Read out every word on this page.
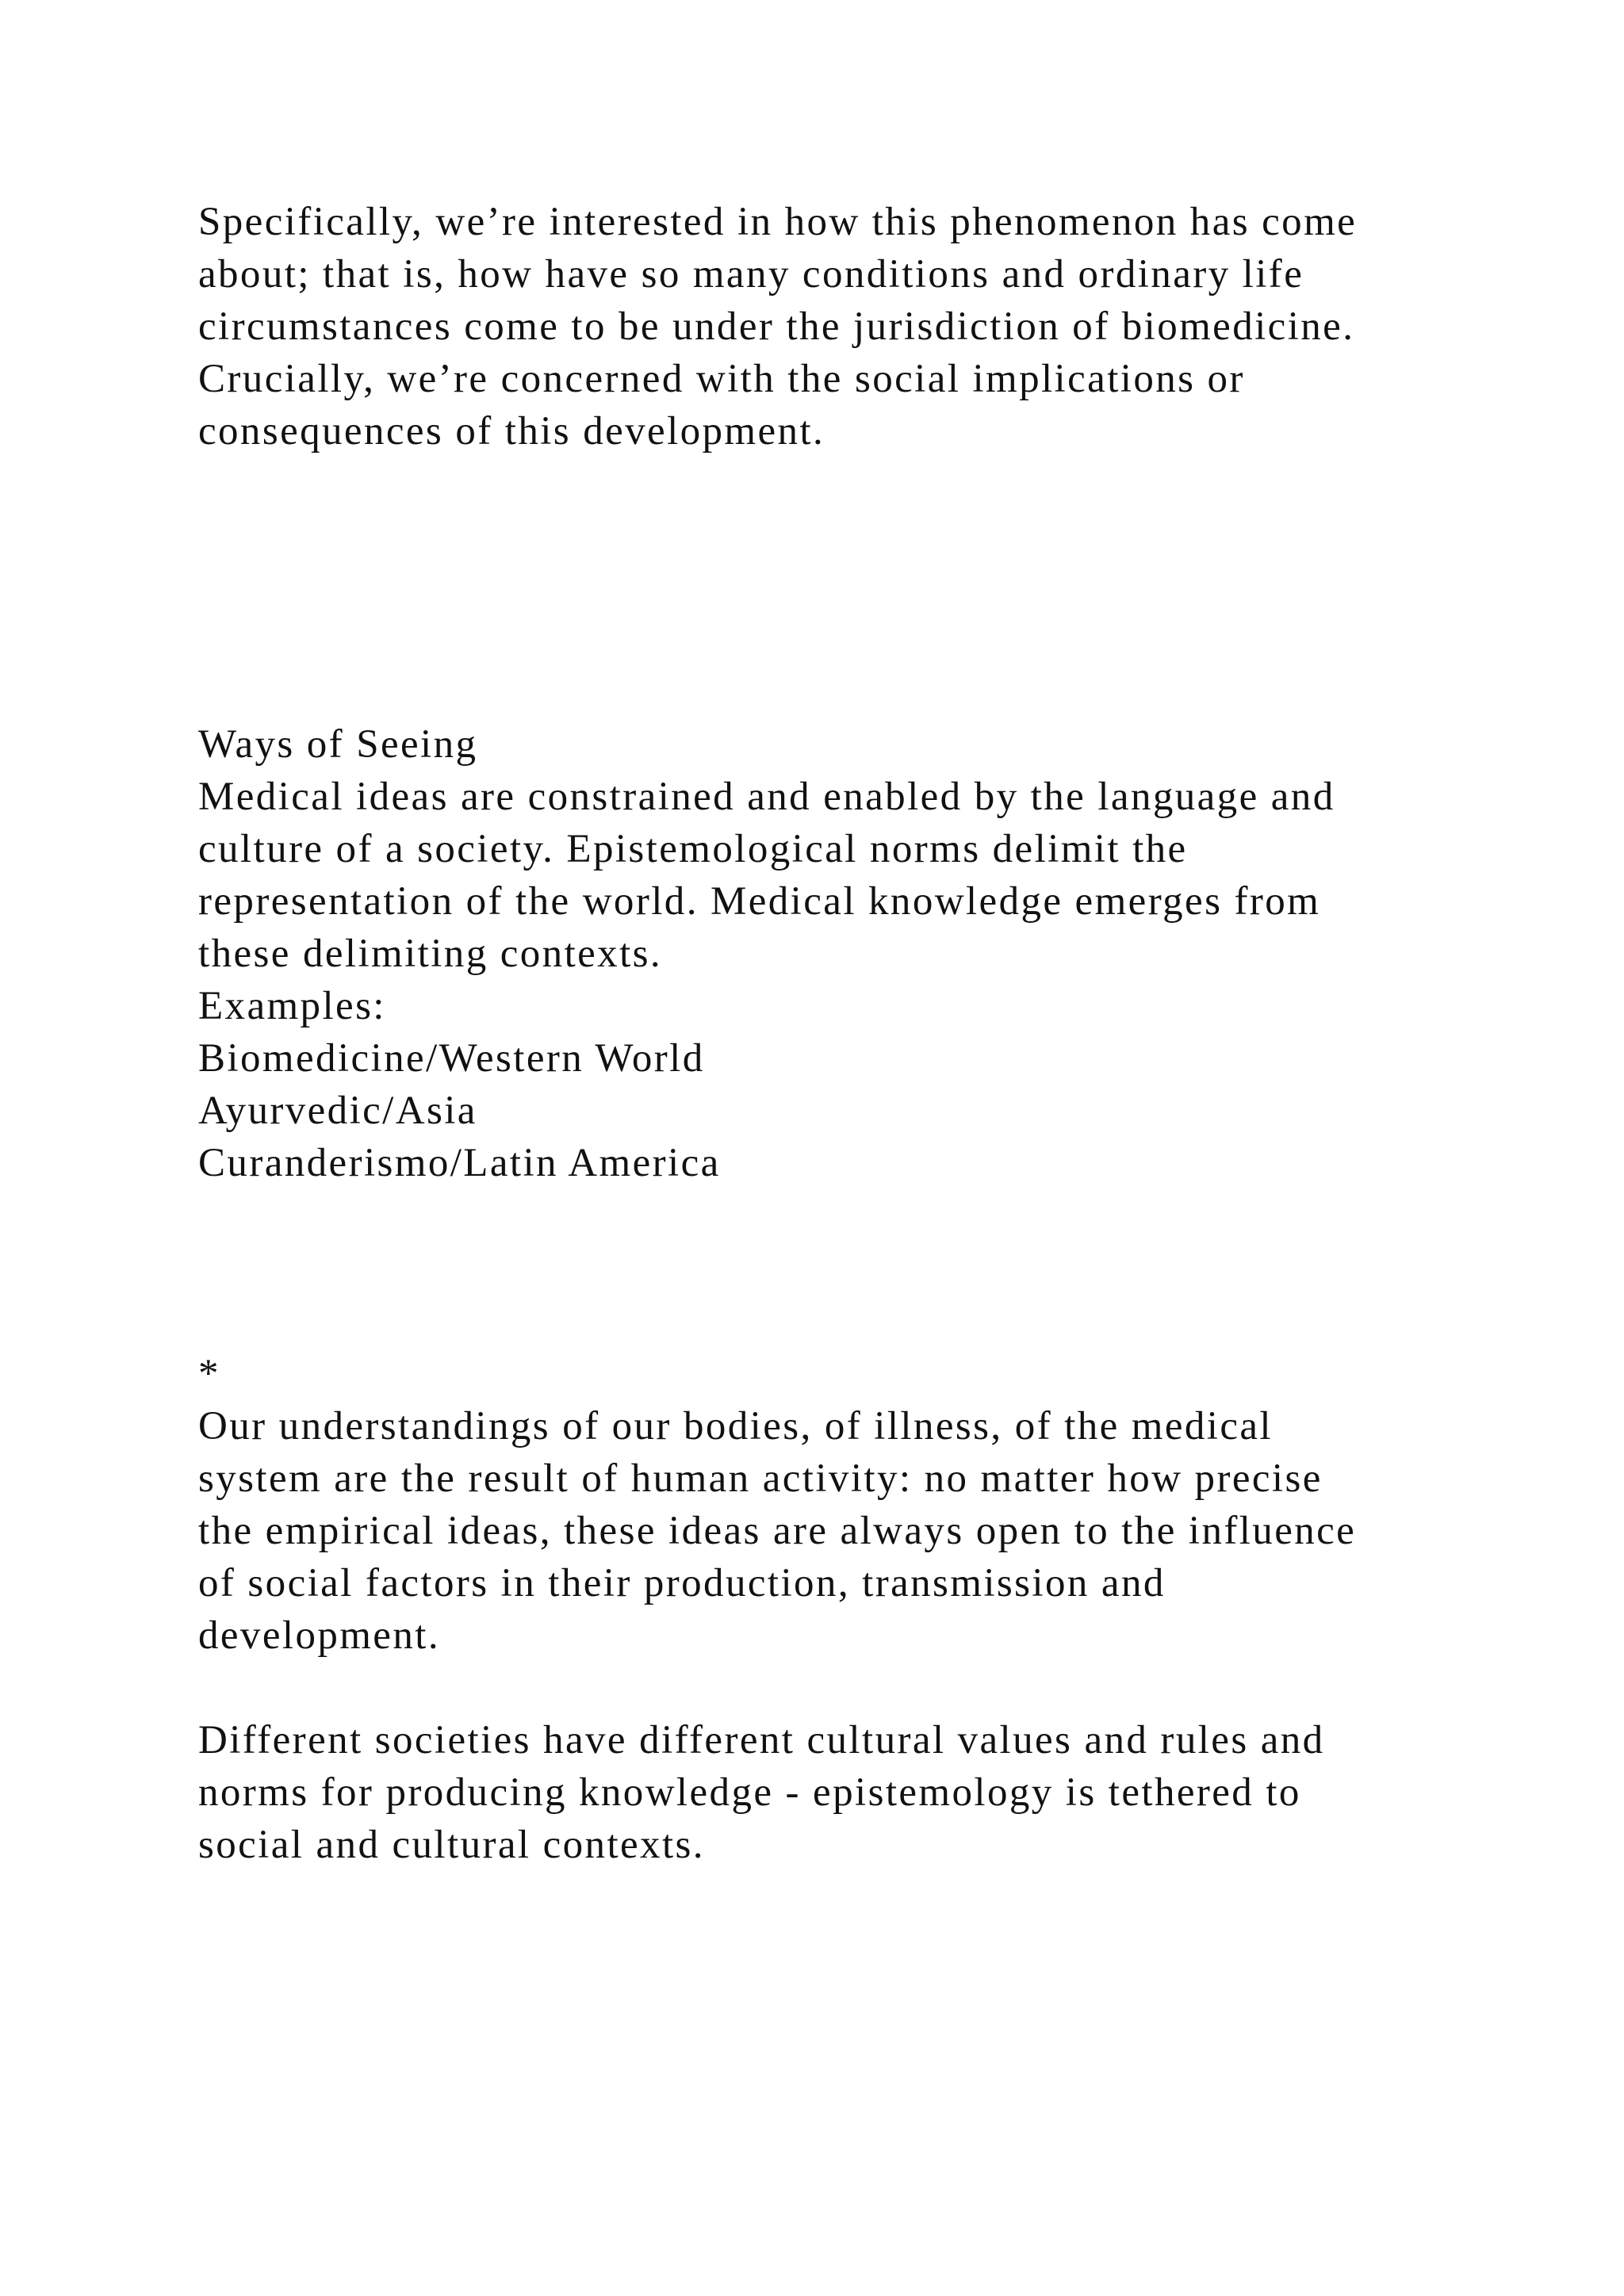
Specifically, we’re interested in how this phenomenon has come
about; that is, how have so many conditions and ordinary life
circumstances come to be under the jurisdiction of biomedicine.
Crucially, we’re concerned with the social implications or
consequences of this development.
Ways of Seeing
Medical ideas are constrained and enabled by the language and
culture of a society. Epistemological norms delimit the
representation of the world. Medical knowledge emerges from
these delimiting contexts.
Examples:
Biomedicine/Western World
Ayurvedic/Asia
Curanderismo/Latin America
*
Our understandings of our bodies, of illness, of the medical
system are the result of human activity: no matter how precise
the empirical ideas, these ideas are always open to the influence
of social factors in their production, transmission and
development.
Different societies have different cultural values and rules and
norms for producing knowledge - epistemology is tethered to
social and cultural contexts.
